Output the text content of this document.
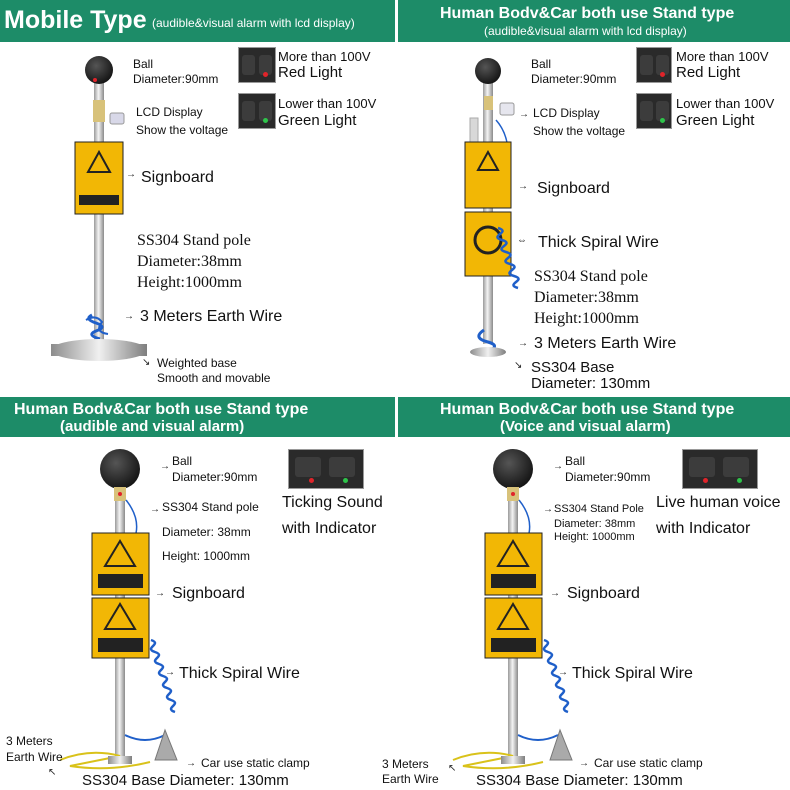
Mobile Type (audible&visual alarm with lcd display)
Human Bodv&Car both use Stand type
(audible&visual alarm with lcd display)
Human Bodv&Car both use Stand type
(audible and visual alarm)
Human Bodv&Car both use Stand type
(Voice and visual alarm)
Ball
Diameter:90mm
More than 100V
Red Light
Lower than 100V
Green Light
LCD Display
Show the voltage
→ Signboard
SS304 Stand pole
Diameter:38mm
Height:1000mm
→ 3 Meters Earth Wire
↘ Weighted base
Smooth and movable
Ball
Diameter:90mm
More than 100V
Red Light
Lower than 100V
Green Light
→ LCD Display
Show the voltage
→ Signboard
⇔ Thick Spiral Wire
SS304 Stand pole
Diameter:38mm
Height:1000mm
→ 3 Meters Earth Wire
↘ SS304 Base
Diameter: 130mm
→ Ball
Diameter:90mm
→ SS304 Stand pole
Diameter: 38mm
Height: 1000mm
Ticking Sound
with Indicator
→ Signboard
→ Thick Spiral Wire
3 Meters
Earth Wire
↖
→ Car use static clamp
SS304 Base Diameter: 130mm
→ Ball
Diameter:90mm
→ SS304 Stand Pole
Diameter: 38mm
Height: 1000mm
Live human voice
with Indicator
→ Signboard
→ Thick Spiral Wire
3 Meters
Earth Wire
↖	→ Car use static clamp
SS304 Base Diameter: 130mm
